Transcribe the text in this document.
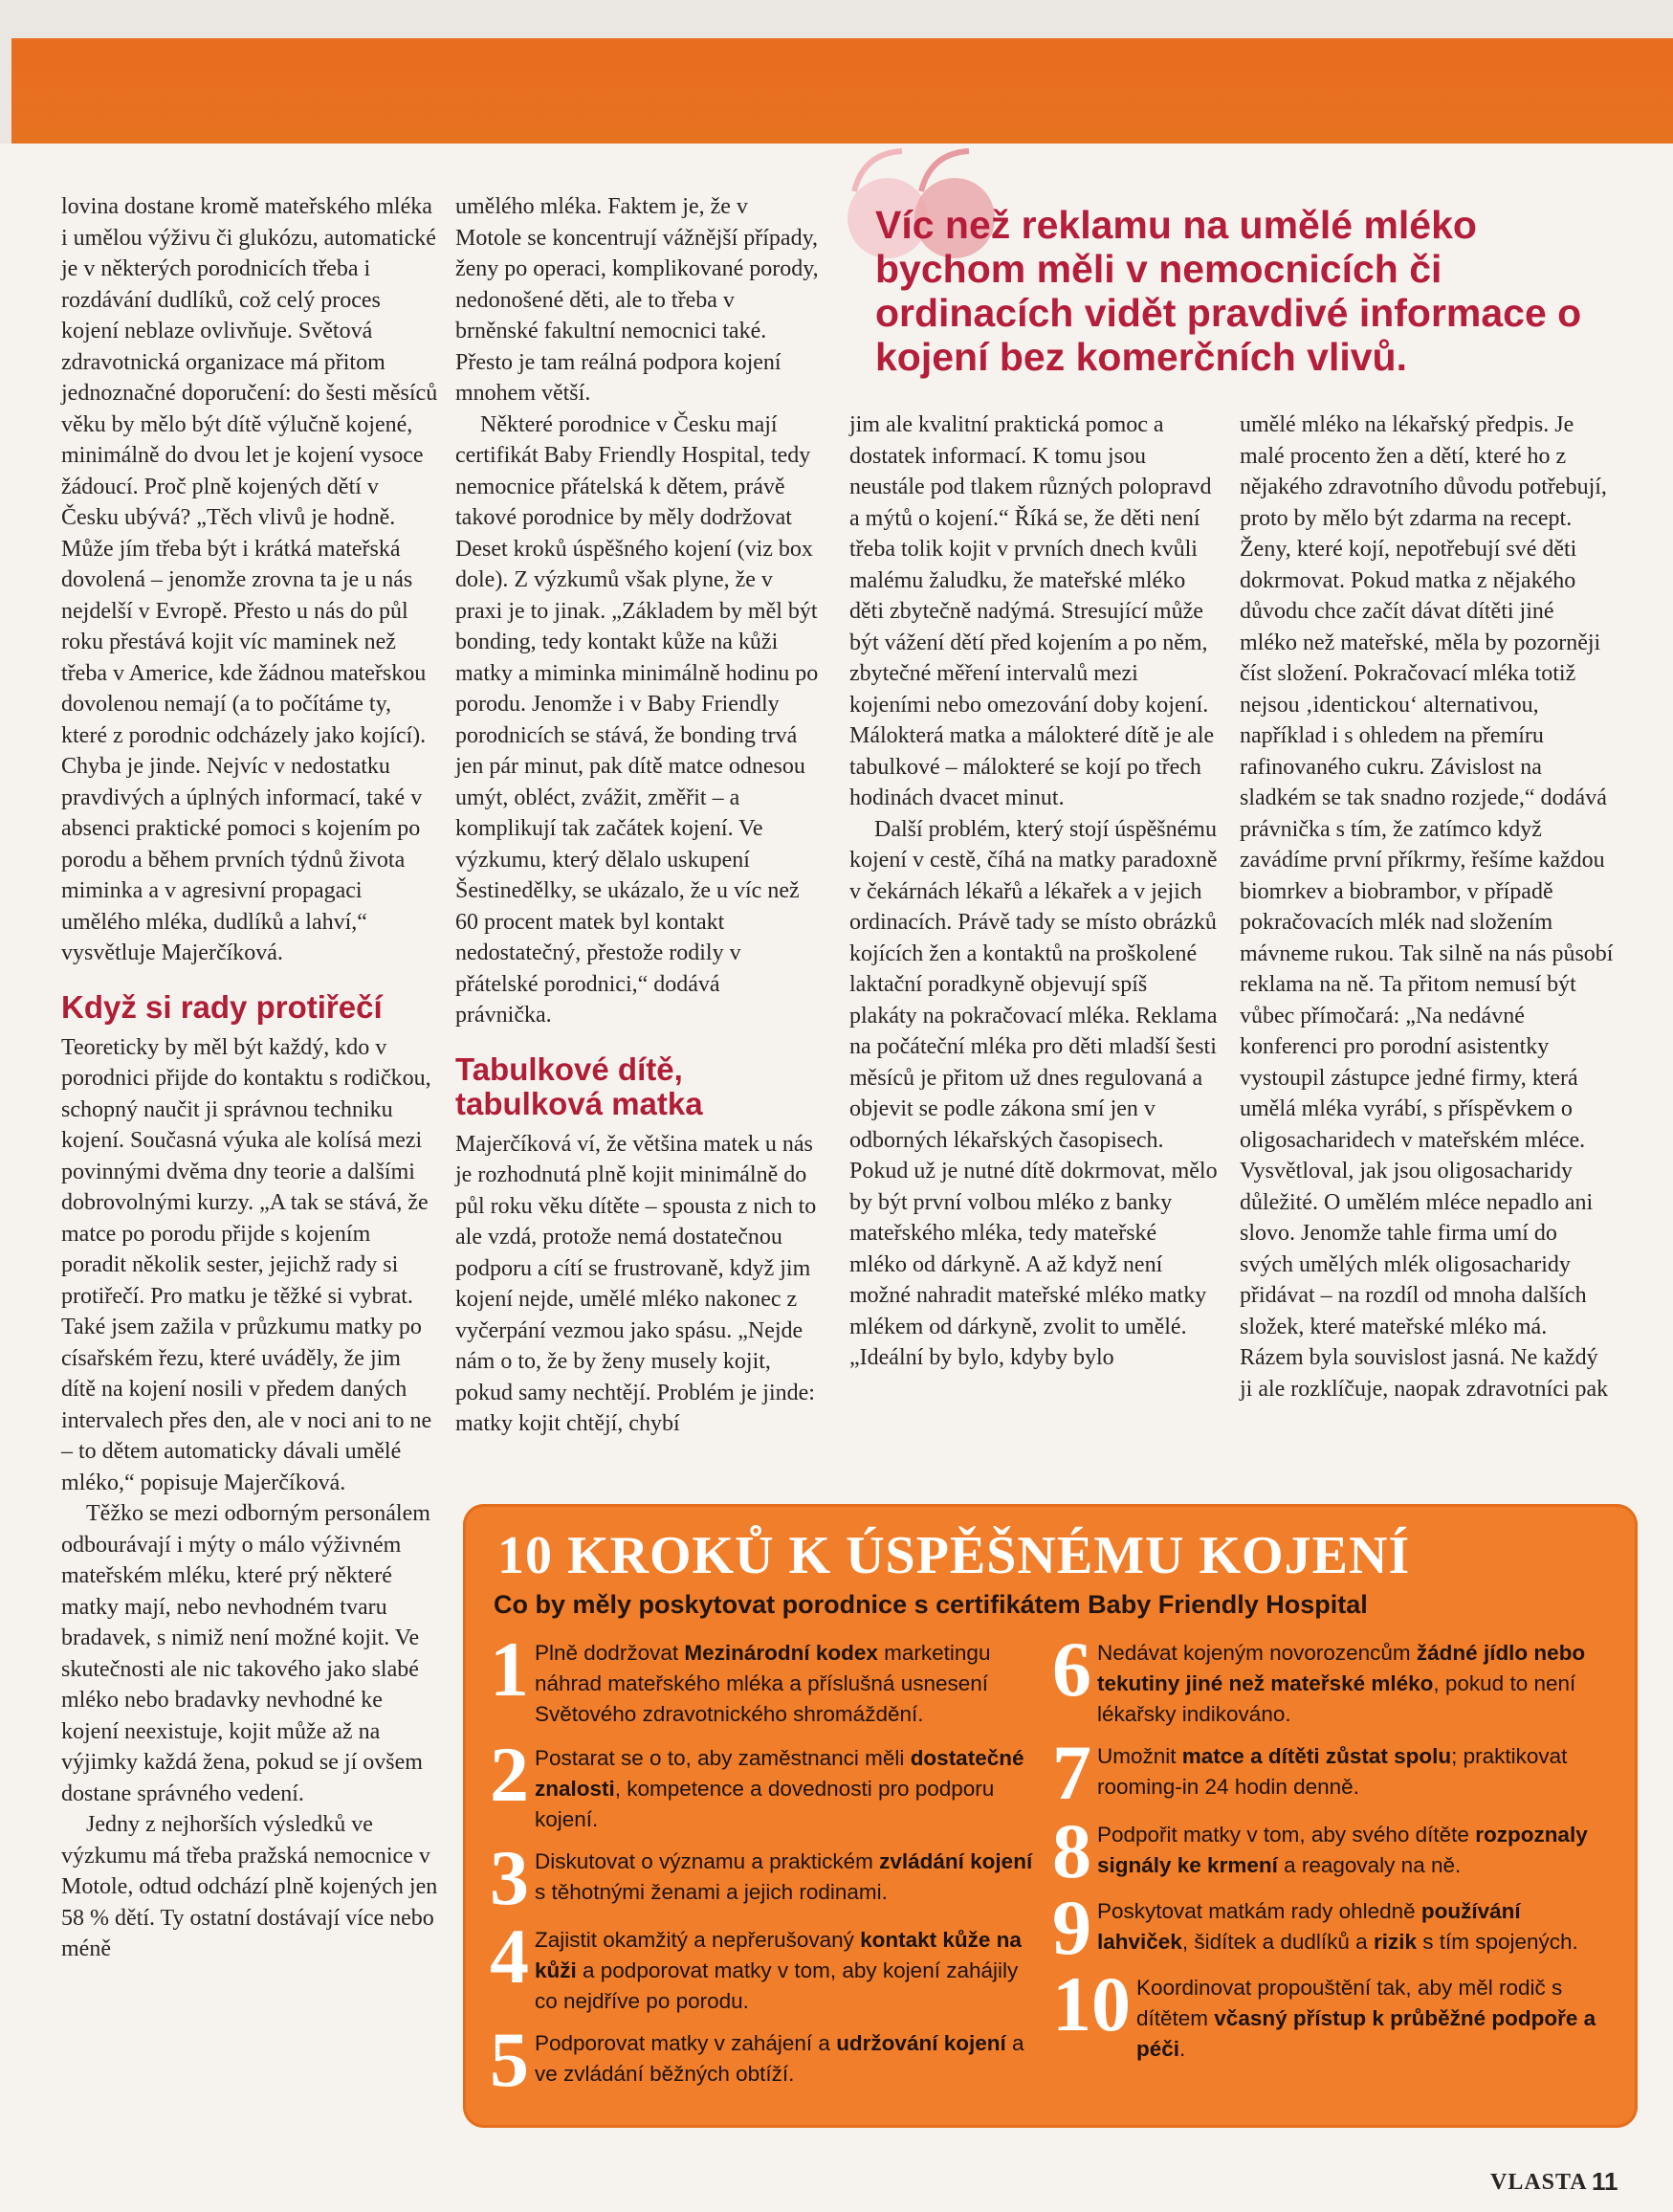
lovina dostane kromě mateřského mléka i umělou výživu či glukózu, automatické je v některých porodnicích třeba i rozdávání dudlíků, což celý proces kojení neblaze ovlivňuje. Světová zdravotnická organizace má přitom jednoznačné doporučení: do šesti měsíců věku by mělo být dítě výlučně kojené, minimálně do dvou let je kojení vysoce žádoucí. Proč plně kojených dětí v Česku ubývá? „Těch vlivů je hodně. Může jím třeba být i krátká mateřská dovolená – jenomže zrovna ta je u nás nejdelší v Evropě. Přesto u nás do půl roku přestává kojit víc maminek než třeba v Americe, kde žádnou mateřskou dovolenou nemají (a to počítáme ty, které z porodnic odcházely jako kojící). Chyba je jinde. Nejvíc v nedostatku pravdivých a úplných informací, také v absenci praktické pomoci s kojením po porodu a během prvních týdnů života miminka a v agresivní propagaci umělého mléka, dudlíků a lahví,“ vysvětluje Majerčíková.

Když si rady protiřečí

Teoreticky by měl být každý, kdo v porodnici přijde do kontaktu s rodičkou, schopný naučit ji správnou techniku kojení. Současná výuka ale kolísá mezi povinnými dvěma dny teorie a dalšími dobrovolnými kurzy. „A tak se stává, že matce po porodu přijde s kojením poradit několik sester, jejichž rady si protiřečí. Pro matku je těžké si vybrat. Také jsem zažila v průzkumu matky po císařském řezu, které uváděly, že jim dítě na kojení nosili v předem daných intervalech přes den, ale v noci ani to ne – to dětem automaticky dávali umělé mléko,“ popisuje Majerčíková.

Těžko se mezi odborným personálem odbourávají i mýty o málo výživném mateřském mléku, které prý některé matky mají, nebo nevhodném tvaru bradavek, s nimiž není možné kojit. Ve skutečnosti ale nic takového jako slabé mléko nebo bradavky nevhodné ke kojení neexistuje, kojit může až na výjimky každá žena, pokud se jí ovšem dostane správného vedení.

Jedny z nejhorších výsledků ve výzkumu má třeba pražská nemocnice v Motole, odtud odchází plně kojených jen 58 % dětí. Ty ostatní dostávají více nebo méně

umělého mléka. Faktem je, že v Motole se koncentrují vážnější případy, ženy po operaci, komplikované porody, nedonošené děti, ale to třeba v brněnské fakultní nemocnici také. Přesto je tam reálná podpora kojení mnohem větší.

Některé porodnice v Česku mají certifikát Baby Friendly Hospital, tedy nemocnice přátelská k dětem, právě takové porodnice by měly dodržovat Deset kroků úspěšného kojení (viz box dole). Z výzkumů však plyne, že v praxi je to jinak. „Základem by měl být bonding, tedy kontakt kůže na kůži matky a miminka minimálně hodinu po porodu. Jenomže i v Baby Friendly porodnicích se stává, že bonding trvá jen pár minut, pak dítě matce odnesou umýt, obléct, zvážit, změřit – a komplikují tak začátek kojení. Ve výzkumu, který dělalo uskupení Šestinedělky, se ukázalo, že u víc než 60 procent matek byl kontakt nedostatečný, přestože rodily v přátelské porodnici,“ dodává právnička.

Tabulkové dítě, tabulková matka

Majerčíková ví, že většina matek u nás je rozhodnutá plně kojit minimálně do půl roku věku dítěte – spousta z nich to ale vzdá, protože nemá dostatečnou podporu a cítí se frustrovaně, když jim kojení nejde, umělé mléko nakonec z vyčerpání vezmou jako spásu. „Nejde nám o to, že by ženy musely kojit, pokud samy nechtějí. Problém je jinde: matky kojit chtějí, chybí

Víc než reklamu na umělé mléko bychom měli v nemocnicích či ordinacích vidět pravdivé informace o kojení bez komerčních vlivů.

jim ale kvalitní praktická pomoc a dostatek informací. K tomu jsou neustále pod tlakem různých polopravd a mýtů o kojení.“ Říká se, že děti není třeba tolik kojit v prvních dnech kvůli malému žaludku, že mateřské mléko děti zbytečně nadýmá. Stresující může být vážení dětí před kojením a po něm, zbytečné měření intervalů mezi kojeními nebo omezování doby kojení. Málokterá matka a málokteré dítě je ale tabulkové – málokteré se kojí po třech hodinách dvacet minut.

Další problém, který stojí úspěšnému kojení v cestě, číhá na matky paradoxně v čekárnách lékařů a lékařek a v jejich ordinacích. Právě tady se místo obrázků kojících žen a kontaktů na proškolené laktační poradkyně objevují spíš plakáty na pokračovací mléka. Reklama na počáteční mléka pro děti mladší šesti měsíců je přitom už dnes regulovaná a objevit se podle zákona smí jen v odborných lékařských časopisech. Pokud už je nutné dítě dokrmovat, mělo by být první volbou mléko z banky mateřského mléka, tedy mateřské mléko od dárkyně. A až když není možné nahradit mateřské mléko matky mlékem od dárkyně, zvolit to umělé. „Ideální by bylo, kdyby bylo

umělé mléko na lékařský předpis. Je malé procento žen a dětí, které ho z nějakého zdravotního důvodu potřebují, proto by mělo být zdarma na recept. Ženy, které kojí, nepotřebují své děti dokrmovat. Pokud matka z nějakého důvodu chce začít dávat dítěti jiné mléko než mateřské, měla by pozorněji číst složení. Pokračovací mléka totiž nejsou ‚identickou‘ alternativou, například i s ohledem na přemíru rafinovaného cukru. Závislost na sladkém se tak snadno rozjede,“ dodává právnička s tím, že zatímco když zavádíme první příkrmy, řešíme každou biomrkev a biobrambor, v případě pokračovacích mlék nad složením mávneme rukou. Tak silně na nás působí reklama na ně. Ta přitom nemusí být vůbec přímočará: „Na nedávné konferenci pro porodní asistentky vystoupil zástupce jedné firmy, která umělá mléka vyrábí, s příspěvkem o oligosacharidech v mateřském mléce. Vysvětloval, jak jsou oligosacharidy důležité. O umělém mléce nepadlo ani slovo. Jenomže tahle firma umí do svých umělých mlék oligosacharidy přidávat – na rozdíl od mnoha dalších složek, které mateřské mléko má. Rázem byla souvislost jasná. Ne každý ji ale rozklíčuje, naopak zdravotníci pak

10 KROKŮ K ÚSPĚŠNÉMU KOJENÍ

Co by měly poskytovat porodnice s certifikátem Baby Friendly Hospital

1 Plně dodržovat Mezinárodní kodex marketingu náhrad mateřského mléka a příslušná usnesení Světového zdravotnického shromáždění.
2 Postarat se o to, aby zaměstnanci měli dostatečné znalosti, kompetence a dovednosti pro podporu kojení.
3 Diskutovat o významu a praktickém zvládání kojení s těhotnými ženami a jejich rodinami.
4 Zajistit okamžitý a nepřerušovaný kontakt kůže na kůži a podporovat matky v tom, aby kojení zahájily co nejdříve po porodu.
5 Podporovat matky v zahájení a udržování kojení a ve zvládání běžných obtíží.
6 Nedávat kojeným novorozencům žádné jídlo nebo tekutiny jiné než mateřské mléko, pokud to není lékařsky indikováno.
7 Umožnit matce a dítěti zůstat spolu; praktikovat rooming-in 24 hodin denně.
8 Podpořit matky v tom, aby svého dítěte rozpoznaly signály ke krmení a reagovaly na ně.
9 Poskytovat matkám rady ohledně používání lahviček, šidítek a dudlíků a rizik s tím spojených.
10 Koordinovat propouštění tak, aby měl rodič s dítětem včasný přístup k průběžné podpoře a péči.
VLASTA 11
